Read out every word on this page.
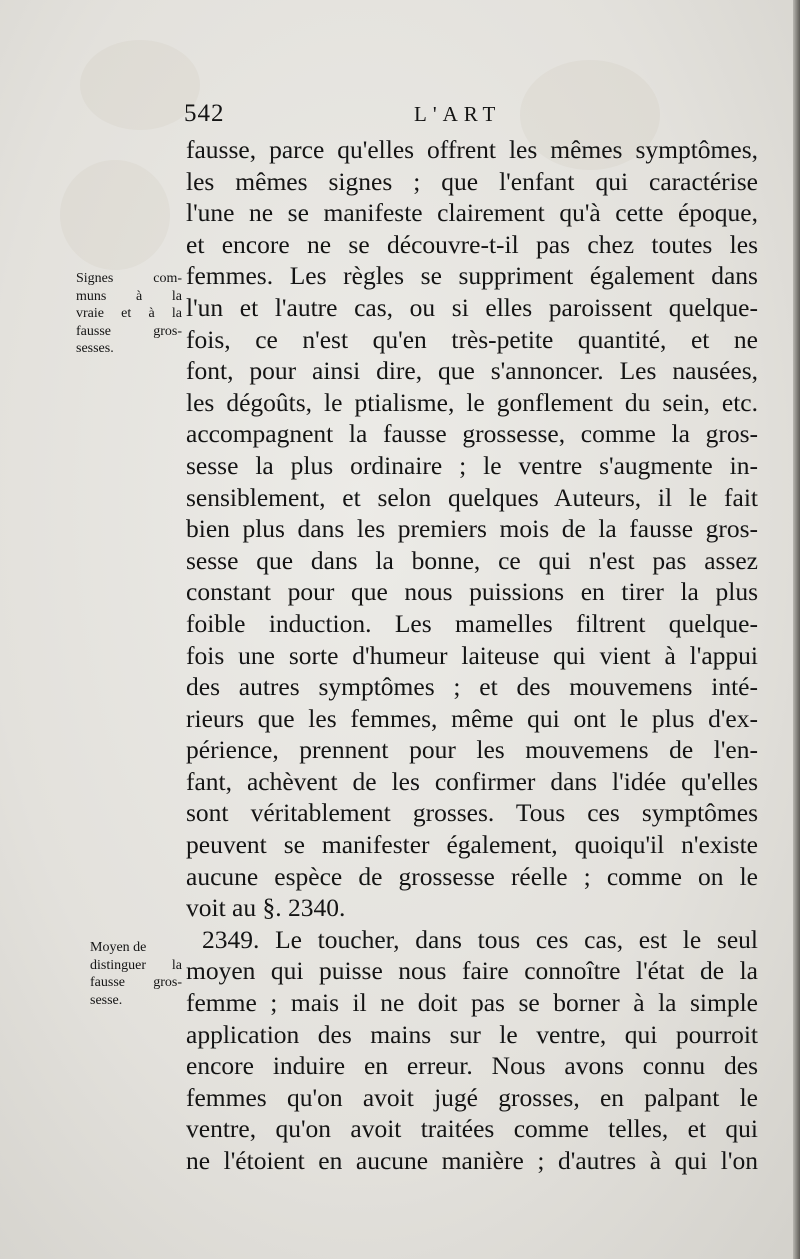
542	L'ART
Signes com-
muns à la
vraie et à la
fausse gros-
sesses.
Moyen de
distinguer la
fausse gros-
sesse.
fausse, parce qu'elles offrent les mêmes symptômes,
les mêmes signes ; que l'enfant qui caractérise
l'une ne se manifeste clairement qu'à cette époque,
et encore ne se découvre-t-il pas chez toutes les
femmes. Les règles se suppriment également dans
l'un et l'autre cas, ou si elles paroissent quelque-
fois, ce n'est qu'en très-petite quantité, et ne
font, pour ainsi dire, que s'annoncer. Les nausées,
les dégoûts, le ptialisme, le gonflement du sein, etc.
accompagnent la fausse grossesse, comme la gros-
sesse la plus ordinaire ; le ventre s'augmente in-
sensiblement, et selon quelques Auteurs, il le fait
bien plus dans les premiers mois de la fausse gros-
sesse que dans la bonne, ce qui n'est pas assez
constant pour que nous puissions en tirer la plus
foible induction. Les mamelles filtrent quelque-
fois une sorte d'humeur laiteuse qui vient à l'appui
des autres symptômes ; et des mouvemens inté-
rieurs que les femmes, même qui ont le plus d'ex-
périence, prennent pour les mouvemens de l'en-
fant, achèvent de les confirmer dans l'idée qu'elles
sont véritablement grosses. Tous ces symptômes
peuvent se manifester également, quoiqu'il n'existe
aucune espèce de grossesse réelle ; comme on le
voit au §. 2340.
2349. Le toucher, dans tous ces cas, est le seul
moyen qui puisse nous faire connoître l'état de la
femme ; mais il ne doit pas se borner à la simple
application des mains sur le ventre, qui pourroit
encore induire en erreur. Nous avons connu des
femmes qu'on avoit jugé grosses, en palpant le
ventre, qu'on avoit traitées comme telles, et qui
ne l'étoient en aucune manière ; d'autres à qui l'on
